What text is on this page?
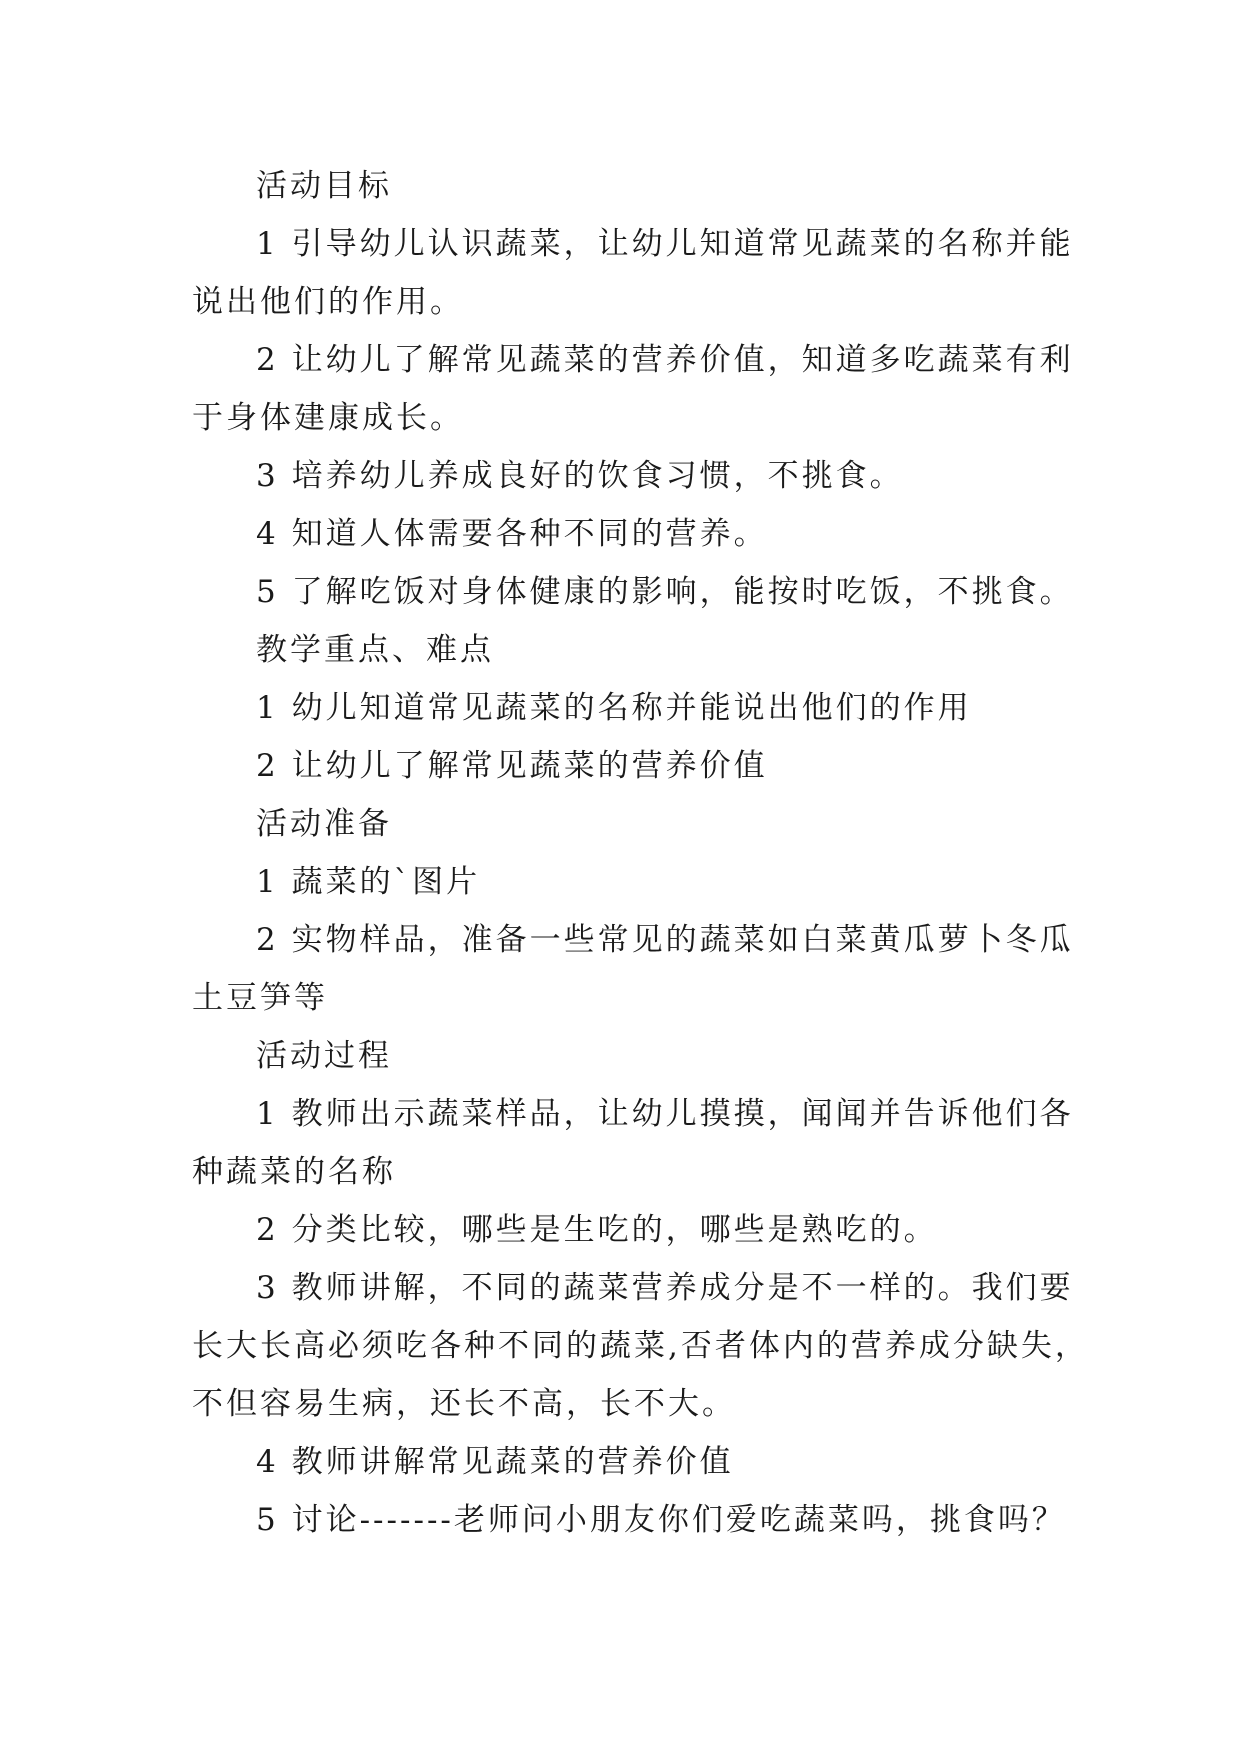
活动目标
1 引导幼儿认识蔬菜，让幼儿知道常见蔬菜的名称并能
说出他们的作用。
2 让幼儿了解常见蔬菜的营养价值，知道多吃蔬菜有利
于身体建康成长。
3 培养幼儿养成良好的饮食习惯，不挑食。
4 知道人体需要各种不同的营养。
5 了解吃饭对身体健康的影响，能按时吃饭，不挑食。
教学重点、难点
1 幼儿知道常见蔬菜的名称并能说出他们的作用
2 让幼儿了解常见蔬菜的营养价值
活动准备
1 蔬菜的`图片
2 实物样品，准备一些常见的蔬菜如白菜黄瓜萝卜冬瓜
土豆笋等
活动过程
1 教师出示蔬菜样品，让幼儿摸摸，闻闻并告诉他们各
种蔬菜的名称
2 分类比较，哪些是生吃的，哪些是熟吃的。
3 教师讲解，不同的蔬菜营养成分是不一样的。我们要
长大长高必须吃各种不同的蔬菜,否者体内的营养成分缺失，
不但容易生病，还长不高，长不大。
4 教师讲解常见蔬菜的营养价值
5 讨论-------老师问小朋友你们爱吃蔬菜吗，挑食吗？
